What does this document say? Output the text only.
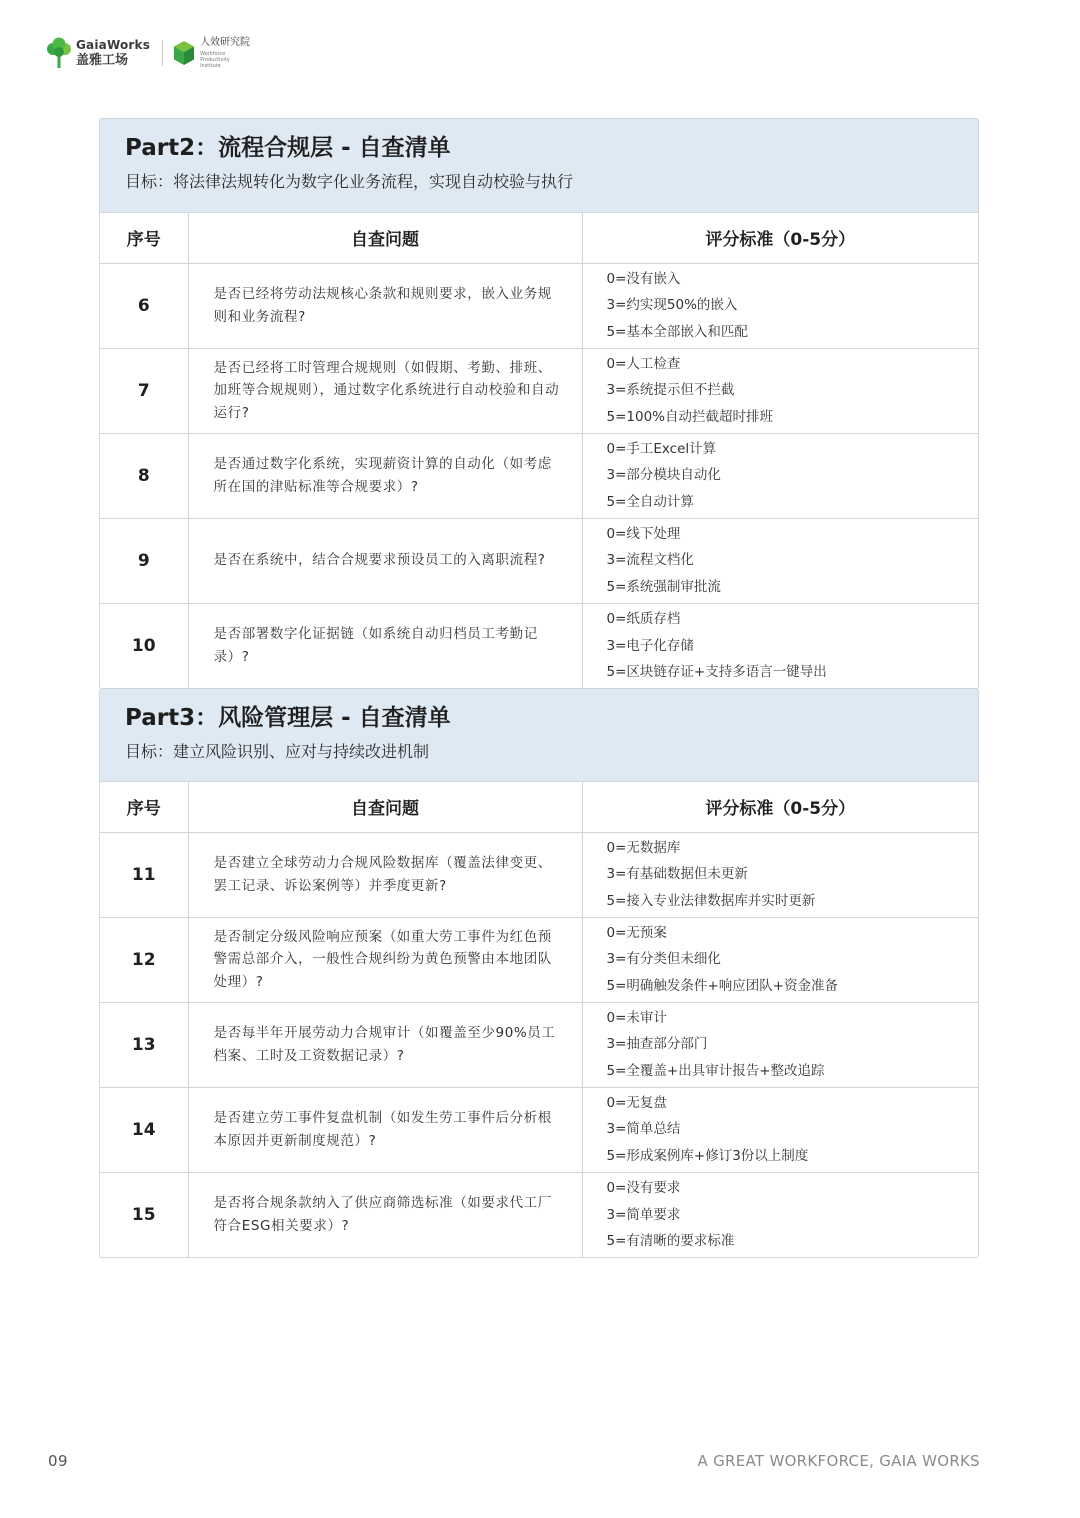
GaiaWorks
盖雅工场
人效研究院
Workforce Productivity Institute
Part2：流程合规层 - 自查清单
目标：将法律法规转化为数字化业务流程，实现自动校验与执行
序号	自查问题	评分标准（0-5分）
6	是否已经将劳动法规核心条款和规则要求，嵌入业务规则和业务流程?	0=没有嵌入
3=约实现50%的嵌入
5=基本全部嵌入和匹配

7	是否已经将工时管理合规规则（如假期、考勤、排班、加班等合规规则），通过数字化系统进行自动校验和自动运行?	0=人工检查
3=系统提示但不拦截
5=100%自动拦截超时排班

8	是否通过数字化系统，实现薪资计算的自动化（如考虑所在国的津贴标准等合规要求）?	0=手工Excel计算
3=部分模块自动化
5=全自动计算

9	是否在系统中，结合合规要求预设员工的入离职流程?	0=线下处理
3=流程文档化
5=系统强制审批流

10	是否部署数字化证据链（如系统自动归档员工考勤记录）?	0=纸质存档
3=电子化存储
5=区块链存证+支持多语言一键导出
Part3：风险管理层 - 自查清单
目标：建立风险识别、应对与持续改进机制
序号	自查问题	评分标准（0-5分）
11	是否建立全球劳动力合规风险数据库（覆盖法律变更、罢工记录、诉讼案例等）并季度更新?	0=无数据库
3=有基础数据但未更新
5=接入专业法律数据库并实时更新

12	是否制定分级风险响应预案（如重大劳工事件为红色预警需总部介入，一般性合规纠纷为黄色预警由本地团队处理）?	0=无预案
3=有分类但未细化
5=明确触发条件+响应团队+资金准备

13	是否每半年开展劳动力合规审计（如覆盖至少90%员工档案、工时及工资数据记录）?	0=未审计
3=抽查部分部门
5=全覆盖+出具审计报告+整改追踪

14	是否建立劳工事件复盘机制（如发生劳工事件后分析根本原因并更新制度规范）?	0=无复盘
3=简单总结
5=形成案例库+修订3份以上制度

15	是否将合规条款纳入了供应商筛选标准（如要求代工厂符合ESG相关要求）?	0=没有要求
3=简单要求
5=有清晰的要求标准
09	A GREAT WORKFORCE, GAIA WORKS
